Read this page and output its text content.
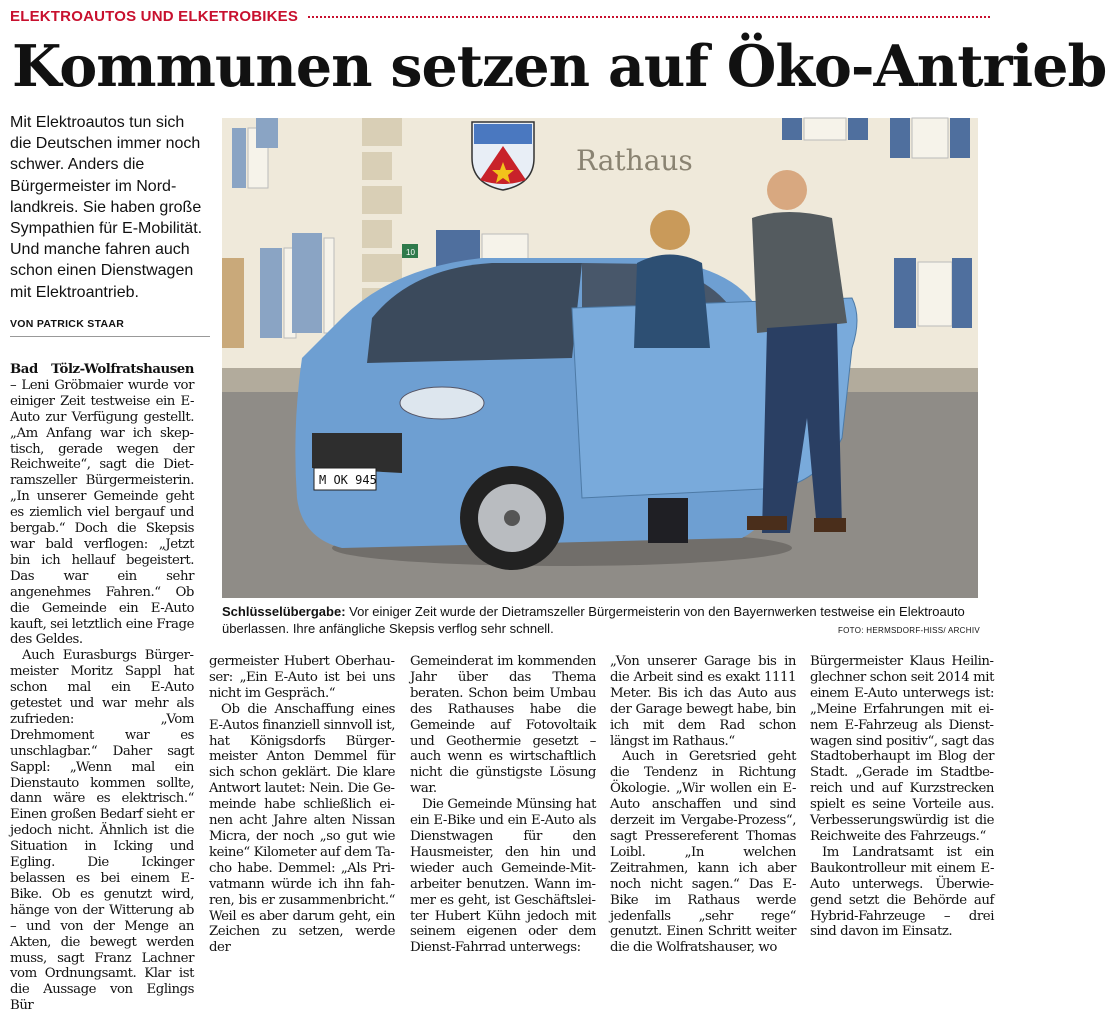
ELEKTROAUTOS UND ELKETROBIKES
Kommunen setzen auf Öko-Antrieb

Mit Elektroautos tun sich die Deutschen immer noch schwer. Anders die Bürgermeister im Nordlandkreis. Sie haben große Sympathien für E-Mobilität. Und manche fahren auch schon einen Dienstwagen mit Elektroantrieb.

VON PATRICK STAAR
Rathaus
10
M OK 945
Schlüsselübergabe: Vor einiger Zeit wurde der Dietramszeller Bürgermeisterin von den Bayernwerken testweise ein Elektroauto überlassen. Ihre anfängliche Skepsis verflog sehr schnell.	FOTO: HERMSDORF-HISS/ ARCHIV

Bad Tölz-Wolfratshausen – Leni Gröbmaier wurde vor einiger Zeit testweise ein E-Auto zur Verfügung gestellt. „Am Anfang war ich skeptisch, gerade wegen der Reichweite“, sagt die Dietramszeller Bürgermeisterin. „In unserer Gemeinde geht es ziemlich viel bergauf und bergab.“ Doch die Skepsis war bald verflogen: „Jetzt bin ich hellauf begeistert. Das war ein sehr angenehmes Fahren.“ Ob die Gemeinde ein E-Auto kauft, sei letztlich eine Frage des Geldes.

Auch Eurasburgs Bürgermeister Moritz Sappl hat schon mal ein E-Auto getestet und war mehr als zufrieden: „Vom Drehmoment war es unschlagbar.“ Daher sagt Sappl: „Wenn mal ein Dienstauto kommen sollte, dann wäre es elektrisch.“ Einen großen Bedarf sieht er jedoch nicht. Ähnlich ist die Situation in Icking und Egling. Die Ickinger belassen es bei einem E-Bike. Ob es genutzt wird, hänge von der Witterung ab – und von der Menge an Akten, die bewegt werden muss, sagt Franz Lachner vom Ordnungsamt. Klar ist die Aussage von Eglings Bür

germeister Hubert Oberhauser: „Ein E-Auto ist bei uns nicht im Gespräch.“

Ob die Anschaffung eines E-Autos finanziell sinnvoll ist, hat Königsdorfs Bürgermeister Anton Demmel für sich schon geklärt. Die klare Antwort lautet: Nein. Die Gemeinde habe schließlich einen acht Jahre alten Nissan Micra, der noch „so gut wie keine“ Kilometer auf dem Tacho habe. Demmel: „Als Privatmann würde ich ihn fahren, bis er zusammenbricht.“ Weil es aber darum geht, ein Zeichen zu setzen, werde der

Gemeinderat im kommenden Jahr über das Thema beraten. Schon beim Umbau des Rathauses habe die Gemeinde auf Fotovoltaik und Geothermie gesetzt – auch wenn es wirtschaftlich nicht die günstigste Lösung war.

Die Gemeinde Münsing hat ein E-Bike und ein E-Auto als Dienstwagen für den Hausmeister, den hin und wieder auch Gemeinde-Mitarbeiter benutzen. Wann immer es geht, ist Geschäftsleiter Hubert Kühn jedoch mit seinem eigenen oder dem Dienst-Fahrrad unterwegs:

„Von unserer Garage bis in die Arbeit sind es exakt 1111 Meter. Bis ich das Auto aus der Garage bewegt habe, bin ich mit dem Rad schon längst im Rathaus.“

Auch in Geretsried geht die Tendenz in Richtung Ökologie. „Wir wollen ein E-Auto anschaffen und sind derzeit im Vergabe-Prozess“, sagt Pressereferent Thomas Loibl. „In welchen Zeitrahmen, kann ich aber noch nicht sagen.“ Das E-Bike im Rathaus werde jedenfalls „sehr rege“ genutzt. Einen Schritt weiter die die Wolfratshauser, wo

Bürgermeister Klaus Heilinglechner schon seit 2014 mit einem E-Auto unterwegs ist: „Meine Erfahrungen mit einem E-Fahrzeug als Dienstwagen sind positiv“, sagt das Stadtoberhaupt im Blog der Stadt. „Gerade im Stadtbereich und auf Kurzstrecken spielt es seine Vorteile aus. Verbesserungswürdig ist die Reichweite des Fahrzeugs.“

Im Landratsamt ist ein Baukontrolleur mit einem E-Auto unterwegs. Überwiegend setzt die Behörde auf Hybrid-Fahrzeuge – drei sind davon im Einsatz.
